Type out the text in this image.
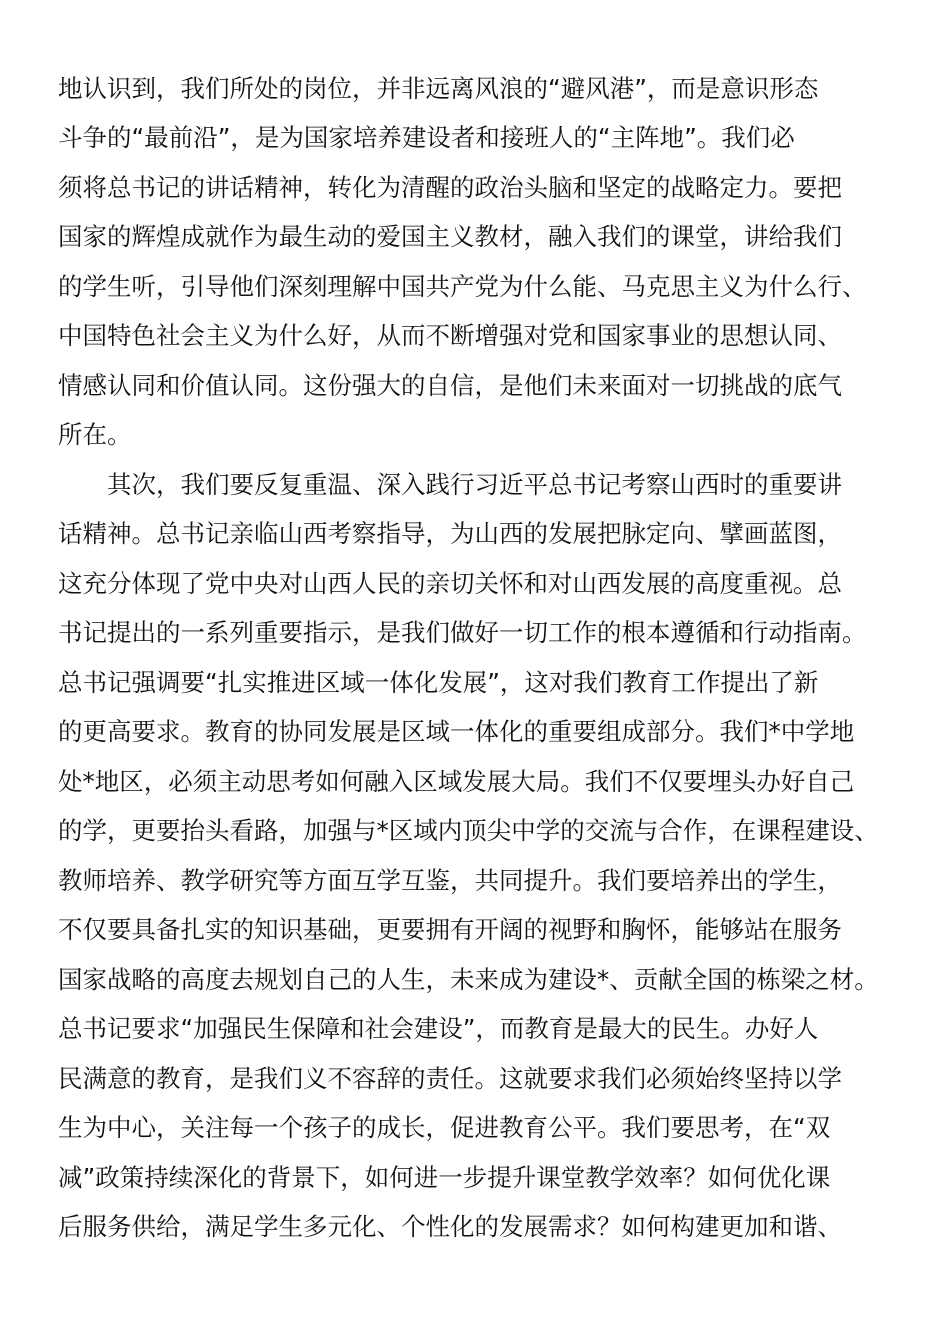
地认识到，我们所处的岗位，并非远离风浪的“避风港”，而是意识形态
斗争的“最前沿”，是为国家培养建设者和接班人的“主阵地”。我们必
须将总书记的讲话精神，转化为清醒的政治头脑和坚定的战略定力。要把
国家的辉煌成就作为最生动的爱国主义教材，融入我们的课堂，讲给我们
的学生听，引导他们深刻理解中国共产党为什么能、马克思主义为什么行、
中国特色社会主义为什么好，从而不断增强对党和国家事业的思想认同、
情感认同和价值认同。这份强大的自信，是他们未来面对一切挑战的底气
所在。
其次，我们要反复重温、深入践行习近平总书记考察山西时的重要讲
话精神。总书记亲临山西考察指导，为山西的发展把脉定向、擘画蓝图，
这充分体现了党中央对山西人民的亲切关怀和对山西发展的高度重视。总
书记提出的一系列重要指示，是我们做好一切工作的根本遵循和行动指南。
总书记强调要“扎实推进区域一体化发展”，这对我们教育工作提出了新
的更高要求。教育的协同发展是区域一体化的重要组成部分。我们*中学地
处*地区，必须主动思考如何融入区域发展大局。我们不仅要埋头办好自己
的学，更要抬头看路，加强与*区域内顶尖中学的交流与合作，在课程建设、
教师培养、教学研究等方面互学互鉴，共同提升。我们要培养出的学生，
不仅要具备扎实的知识基础，更要拥有开阔的视野和胸怀，能够站在服务
国家战略的高度去规划自己的人生，未来成为建设*、贡献全国的栋梁之材。
总书记要求“加强民生保障和社会建设”，而教育是最大的民生。办好人
民满意的教育，是我们义不容辞的责任。这就要求我们必须始终坚持以学
生为中心，关注每一个孩子的成长，促进教育公平。我们要思考，在“双
减”政策持续深化的背景下，如何进一步提升课堂教学效率？如何优化课
后服务供给，满足学生多元化、个性化的发展需求？如何构建更加和谐、
